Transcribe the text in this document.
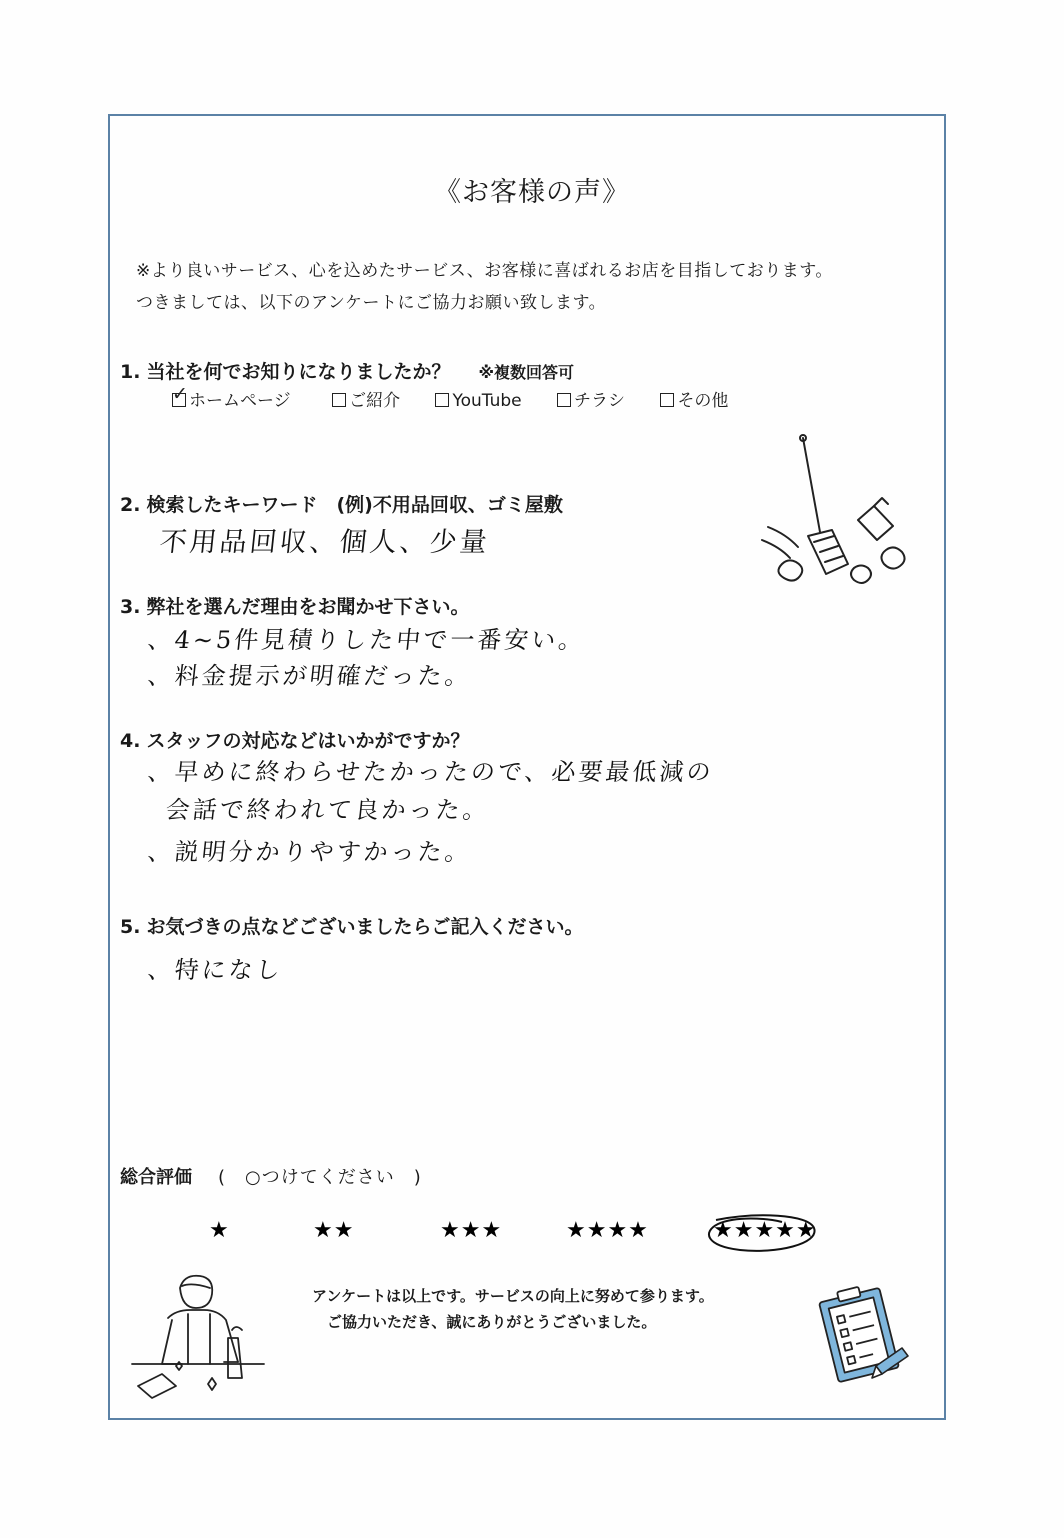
《お客様の声》
※より良いサービス、心を込めたサービス、お客様に喜ばれるお店を目指しております。
つきましては、以下のアンケートにご協力お願い致します。
1. 当社を何でお知りになりましたか？ ※複数回答可
✓ ホームページ	ご紹介	YouTube	チラシ	その他
2. 検索したキーワード　(例)不用品回収、ゴミ屋敷
不用品回収、個人、少量
3. 弊社を選んだ理由をお聞かせ下さい。
、4~5件見積りした中で一番安い。
、料金提示が明確だった。
4. スタッフの対応などはいかがですか？
、早めに終わらせたかったので、必要最低減の
会話で終われて良かった。
、説明分かりやすかった。
5. お気づきの点などございましたらご記入ください。
、特になし
総合評価 (　○つけてください　)
★	★★	★★★	★★★★	★★★★★
アンケートは以上です。サービスの向上に努めて参ります。
ご協力いただき、誠にありがとうございました。
